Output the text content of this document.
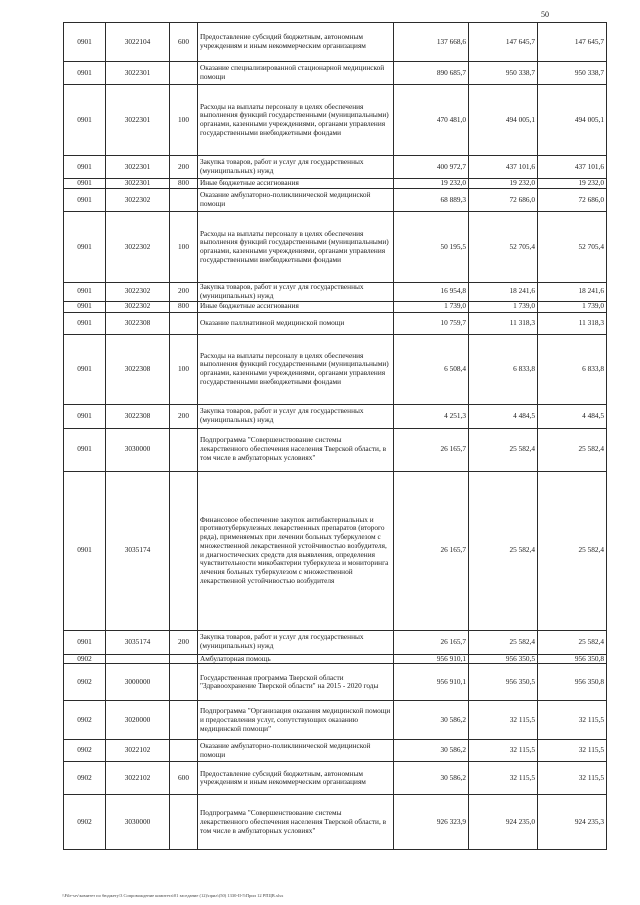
50
0901	3022104	600	Предоставление субсидий бюджетным, автономным учреждениям и иным некоммерческим организациям	137 668,6	147 645,7	147 645,7
0901	3022301		Оказание специализированной стационарной медицинской помощи	890 685,7	950 338,7	950 338,7
0901	3022301	100	Расходы на выплаты персоналу в целях обеспечения выполнения функций государственными (муниципальными) органами, казенными учреждениями, органами управления государственными внебюджетными фондами	470 481,0	494 005,1	494 005,1
0901	3022301	200	Закупка товаров, работ и услуг для государственных (муниципальных) нужд	400 972,7	437 101,6	437 101,6
0901	3022301	800	Иные бюджетные ассигнования	19 232,0	19 232,0	19 232,0
0901	3022302		Оказание амбулаторно-поликлинической медицинской помощи	68 889,3	72 686,0	72 686,0
0901	3022302	100	Расходы на выплаты персоналу в целях обеспечения выполнения функций государственными (муниципальными) органами, казенными учреждениями, органами управления государственными внебюджетными фондами	50 195,5	52 705,4	52 705,4
0901	3022302	200	Закупка товаров, работ и услуг для государственных (муниципальных) нужд	16 954,8	18 241,6	18 241,6
0901	3022302	800	Иные бюджетные ассигнования	1 739,0	1 739,0	1 739,0
0901	3022308		Оказание паллиативной медицинской помощи	10 759,7	11 318,3	11 318,3
0901	3022308	100	Расходы на выплаты персоналу в целях обеспечения выполнения функций государственными (муниципальными) органами, казенными учреждениями, органами управления государственными внебюджетными фондами	6 508,4	6 833,8	6 833,8
0901	3022308	200	Закупка товаров, работ и услуг для государственных (муниципальных) нужд	4 251,3	4 484,5	4 484,5
0901	3030000		Подпрограмма "Совершенствование системы лекарственного обеспечения населения Тверской области, в том числе в амбулаторных условиях"	26 165,7	25 582,4	25 582,4
0901	3035174		Финансовое обеспечение закупок антибактериальных и противотуберкулезных лекарственных препаратов (второго ряда), применяемых при лечении больных туберкулезом с множественной лекарственной устойчивостью возбудителя, и диагностических средств для выявления, определения чувствительности микобактерии туберкулеза и мониторинга лечения больных туберкулезом с множественной лекарственной устойчивостью возбудителя	26 165,7	25 582,4	25 582,4
0901	3035174	200	Закупка товаров, работ и услуг для государственных (муниципальных) нужд	26 165,7	25 582,4	25 582,4
0902			Амбулаторная помощь	956 910,1	956 350,5	956 350,8
0902	3000000		Государственная программа Тверской области "Здравоохранение Тверской области" на 2015 - 2020 годы	956 910,1	956 350,5	956 350,8
0902	3020000		Подпрограмма "Организация оказания медицинской помощи и предоставления услуг, сопутствующих оказанию медицинской помощи"	30 586,2	32 115,5	32 115,5
0902	3022102		Оказание амбулаторно-поликлинической медицинской помощи	30 586,2	32 115,5	32 115,5
0902	3022102	600	Предоставление субсидий бюджетным, автономным учреждениям и иным некоммерческим организациям	30 586,2	32 115,5	32 115,5
0902	3030000		Подпрограмма "Совершенствование системы лекарственного обеспечения населения Тверской области, в том числе в амбулаторных условиях"	926 323,9	924 235,0	924 235,3
\\File-srv\комитет по бюджету\3 Сопровождение комитета\01 заседание (12)\прил\(50) 1330-II-5\Прил 12 РПЦВ.xlsx
